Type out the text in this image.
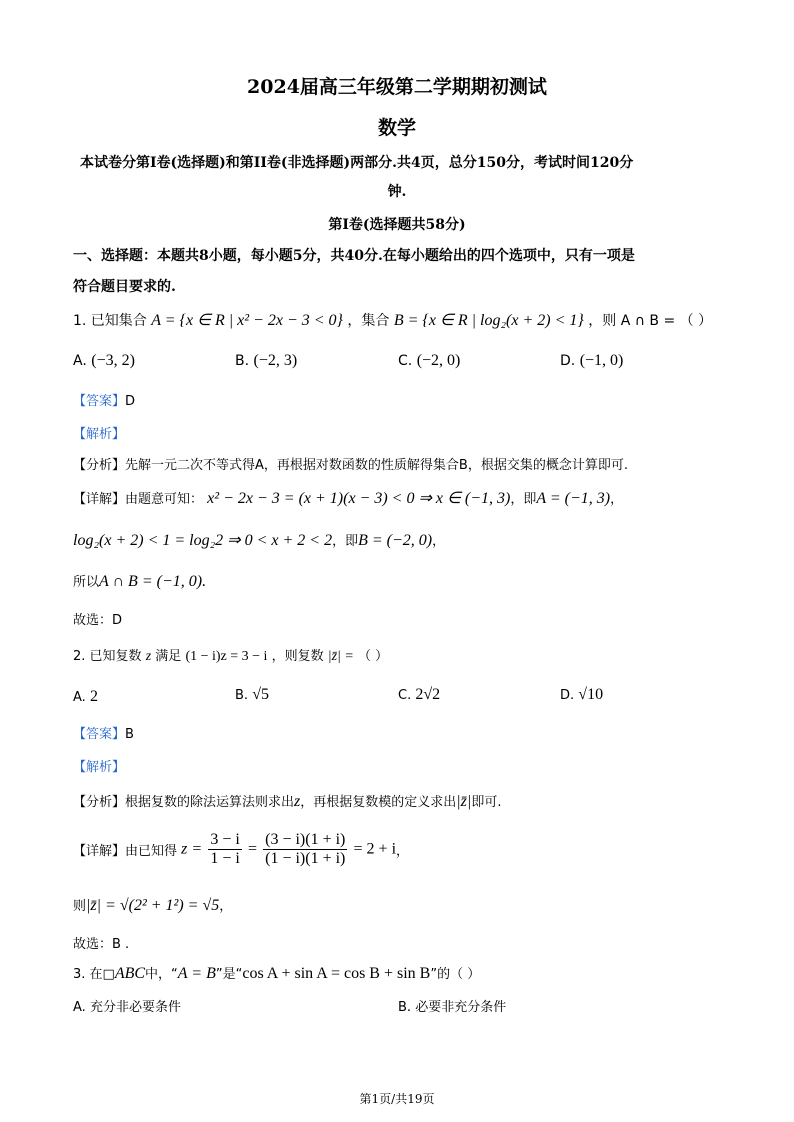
2024届高三年级第二学期期初测试
数学
本试卷分第I卷(选择题)和第II卷(非选择题)两部分.共4页，总分150分，考试时间120分
钟.
第I卷(选择题共58分)
一、选择题：本题共8小题，每小题5分，共40分.在每小题给出的四个选项中，只有一项是
符合题目要求的.
1. 已知集合 A = {x ∈ R | x² − 2x − 3 < 0} ，集合 B = {x ∈ R | log₂(x + 2) < 1} ，则 A ∩ B = （ ）
A. (−3, 2)	B. (−2, 3)	C. (−2, 0)	D. (−1, 0)
【答案】D
【解析】
【分析】先解一元二次不等式得A，再根据对数函数的性质解得集合B，根据交集的概念计算即可.
【详解】由题意可知： x² − 2x − 3 = (x + 1)(x − 3) < 0 ⇒ x ∈ (−1, 3)，即A = (−1, 3)，
log₂(x + 2) < 1 = log₂2 ⇒ 0 < x + 2 < 2，即B = (−2, 0)，
所以A ∩ B = (−1, 0).
故选：D
2. 已知复数 z 满足 (1 − i)z = 3 − i ，则复数 |z̄| = （ ）
A. 2	B. √5	C. 2√2	D. √10
【答案】B
【解析】
【分析】根据复数的除法运算法则求出z，再根据复数模的定义求出|z̄|即可.
【详解】由已知得 $z = \frac{3 - i}{1 - i} = \frac{(3 - i)(1 + i)}{(1 - i)(1 + i)} = 2 + i$，
则|z̄| = √(2² + 1²) = √5，
故选：B .
3. 在□ABC中，“A = B”是“cos A + sin A = cos B + sin B”的（ ）
A. 充分非必要条件	B. 必要非充分条件
第1页/共19页
